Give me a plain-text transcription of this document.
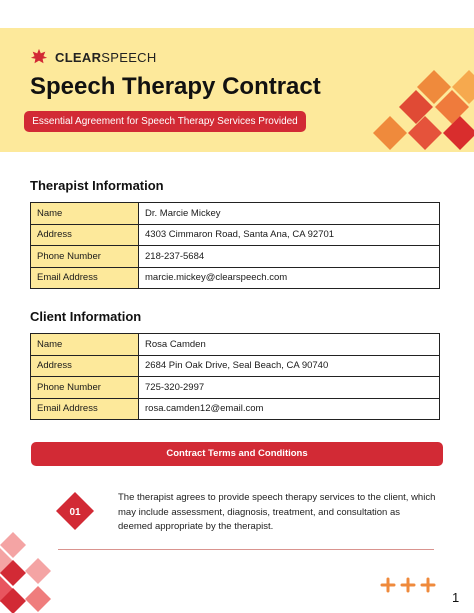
CLEARSPEECH
Speech Therapy Contract
Essential Agreement for Speech Therapy Services Provided
Therapist Information
Name	Dr. Marcie Mickey
Address	4303 Cimmaron Road, Santa Ana, CA 92701
Phone Number	218-237-5684
Email Address	marcie.mickey@clearspeech.com
Client Information
Name	Rosa Camden
Address	2684 Pin Oak Drive, Seal Beach, CA 90740
Phone Number	725-320-2997
Email Address	rosa.camden12@email.com
Contract Terms and Conditions
01

The therapist agrees to provide speech therapy services to the client, which may include assessment, diagnosis, treatment, and consultation as deemed appropriate by the therapist.

1
